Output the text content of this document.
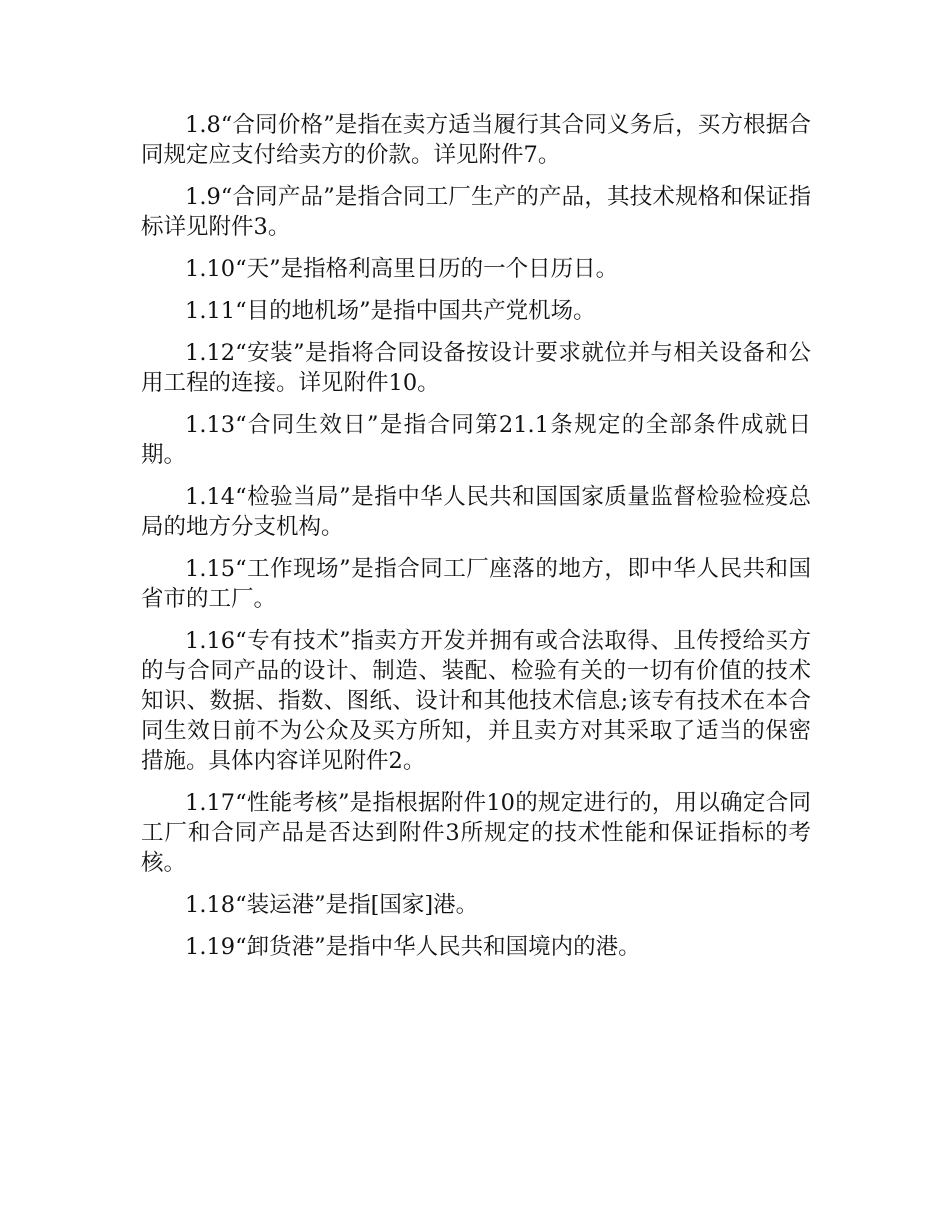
1.8“合同价格”是指在卖方适当履行其合同义务后，买方根据合同规定应支付给卖方的价款。详见附件7。

1.9“合同产品”是指合同工厂生产的产品，其技术规格和保证指标详见附件3。

1.10“天”是指格利高里日历的一个日历日。

1.11“目的地机场”是指中国共产党机场。

1.12“安装”是指将合同设备按设计要求就位并与相关设备和公用工程的连接。详见附件10。

1.13“合同生效日”是指合同第21.1条规定的全部条件成就日期。

1.14“检验当局”是指中华人民共和国国家质量监督检验检疫总局的地方分支机构。

1.15“工作现场”是指合同工厂座落的地方，即中华人民共和国省市的工厂。

1.16“专有技术”指卖方开发并拥有或合法取得、且传授给买方的与合同产品的设计、制造、装配、检验有关的一切有价值的技术知识、数据、指数、图纸、设计和其他技术信息;该专有技术在本合同生效日前不为公众及买方所知，并且卖方对其采取了适当的保密措施。具体内容详见附件2。

1.17“性能考核”是指根据附件10的规定进行的，用以确定合同工厂和合同产品是否达到附件3所规定的技术性能和保证指标的考核。

1.18“装运港”是指[国家]港。

1.19“卸货港”是指中华人民共和国境内的港。
